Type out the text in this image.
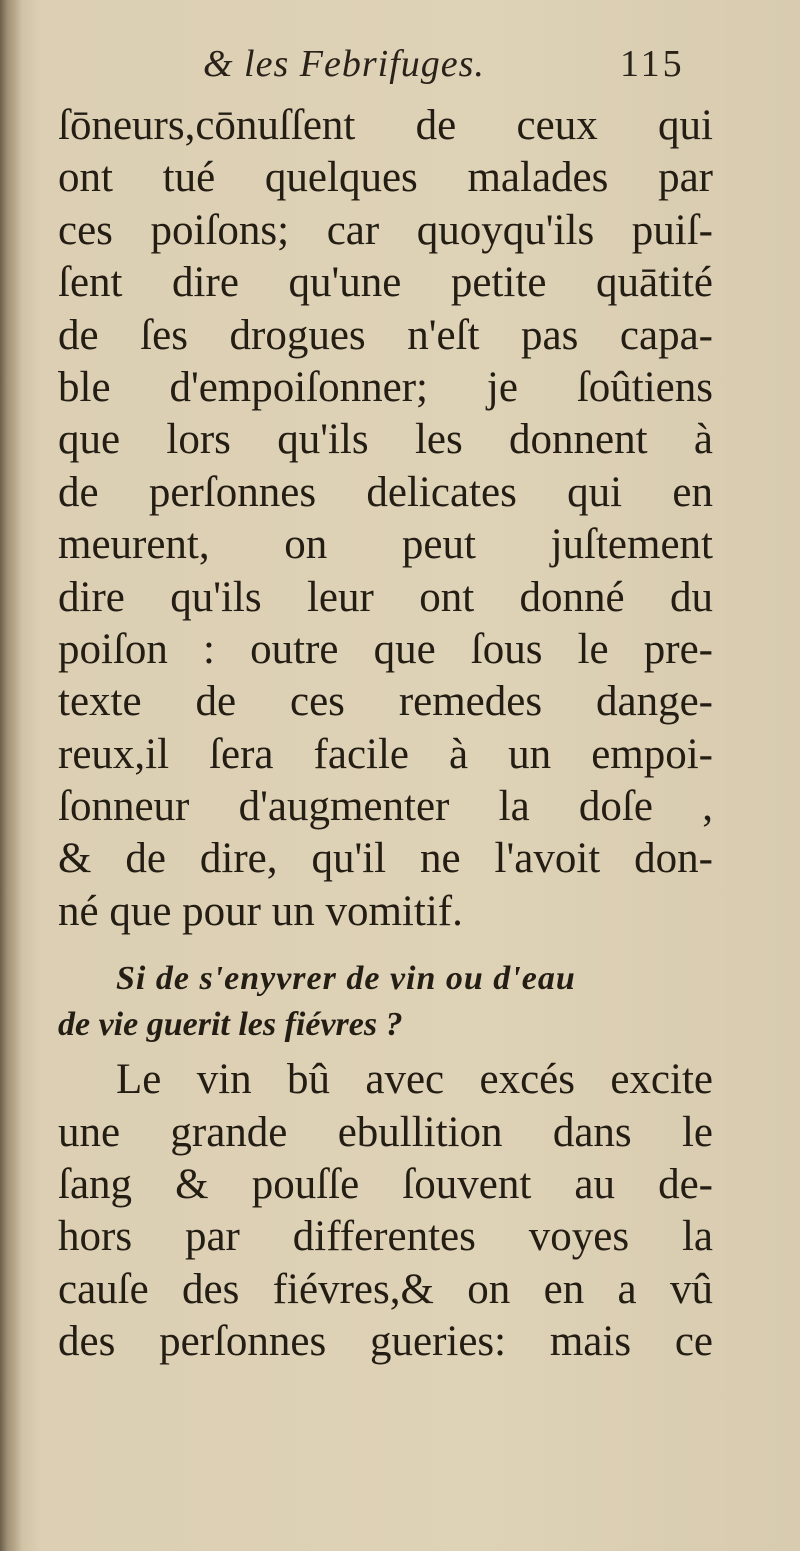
& les Febrifuges.	115
ſōneurs,cōnuſſent de ceux qui
ont tué quelques malades par
ces poiſons; car quoyqu'ils puiſ-
ſent dire qu'une petite quātité
de ſes drogues n'eſt pas capa-
ble d'empoiſonner; je ſoûtiens
que lors qu'ils les donnent à
de perſonnes delicates qui en
meurent, on peut juſtement
dire qu'ils leur ont donné du
poiſon : outre que ſous le pre-
texte de ces remedes dange-
reux,il ſera facile à un empoi-
ſonneur d'augmenter la doſe ,
& de dire, qu'il ne l'avoit don-
né que pour un vomitif.
Si de s'enyvrer de vin ou d'eau
de vie guerit les fiévres ?
Le vin bû avec excés excite
une grande ebullition dans le
ſang & pouſſe ſouvent au de-
hors par differentes voyes la
cauſe des fiévres,& on en a vû
des perſonnes gueries: mais ce
